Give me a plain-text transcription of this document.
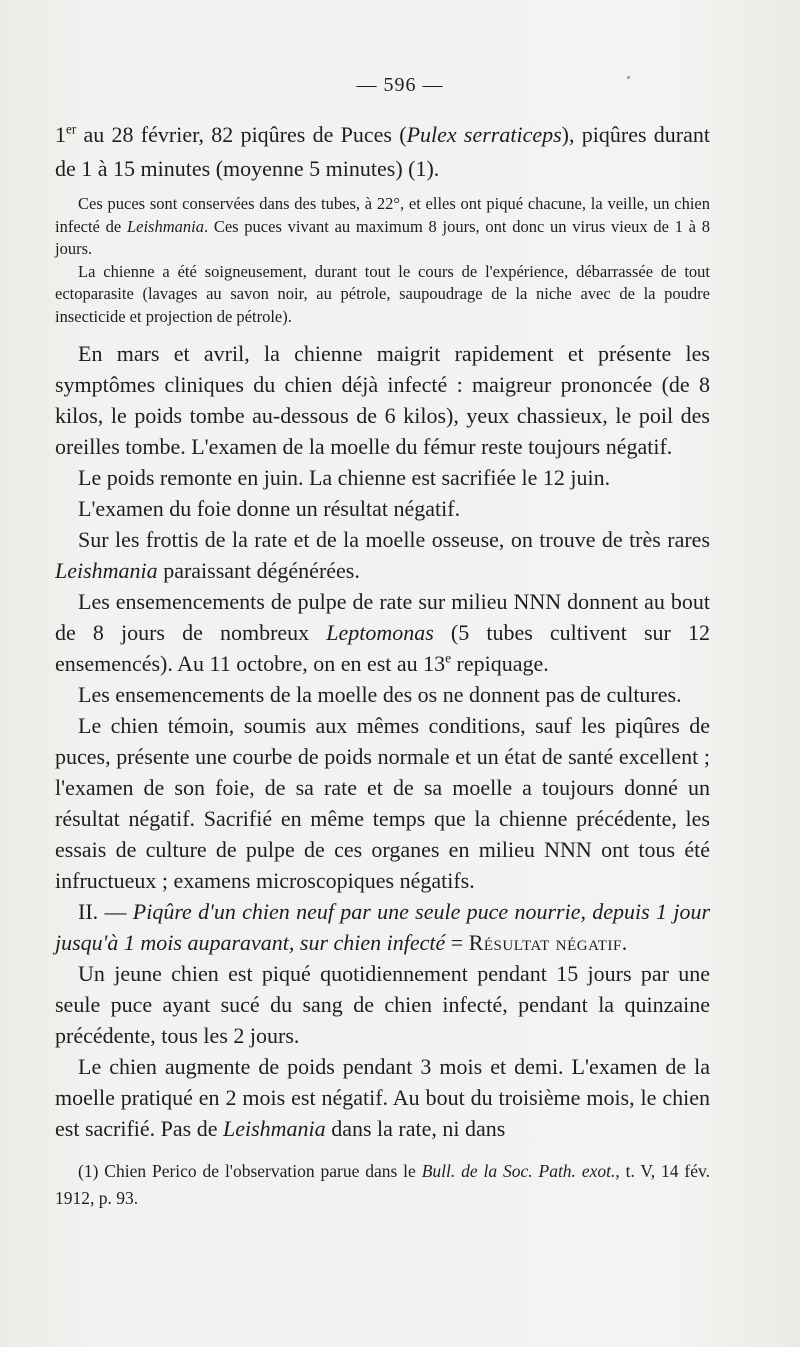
— 596 —

1er au 28 février, 82 piqûres de Puces (Pulex serraticeps), piqûres durant de 1 à 15 minutes (moyenne 5 minutes) (1).

Ces puces sont conservées dans des tubes, à 22°, et elles ont piqué chacune, la veille, un chien infecté de Leishmania. Ces puces vivant au maximum 8 jours, ont donc un virus vieux de 1 à 8 jours.

La chienne a été soigneusement, durant tout le cours de l'expérience, débarrassée de tout ectoparasite (lavages au savon noir, au pétrole, saupoudrage de la niche avec de la poudre insecticide et projection de pétrole).

En mars et avril, la chienne maigrit rapidement et présente les symptômes cliniques du chien déjà infecté : maigreur prononcée (de 8 kilos, le poids tombe au-dessous de 6 kilos), yeux chassieux, le poil des oreilles tombe. L'examen de la moelle du fémur reste toujours négatif.

Le poids remonte en juin. La chienne est sacrifiée le 12 juin.

L'examen du foie donne un résultat négatif.

Sur les frottis de la rate et de la moelle osseuse, on trouve de très rares Leishmania paraissant dégénérées.

Les ensemencements de pulpe de rate sur milieu NNN donnent au bout de 8 jours de nombreux Leptomonas (5 tubes cultivent sur 12 ensemencés). Au 11 octobre, on en est au 13e repiquage.

Les ensemencements de la moelle des os ne donnent pas de cultures.

Le chien témoin, soumis aux mêmes conditions, sauf les piqûres de puces, présente une courbe de poids normale et un état de santé excellent ; l'examen de son foie, de sa rate et de sa moelle a toujours donné un résultat négatif. Sacrifié en même temps que la chienne précédente, les essais de culture de pulpe de ces organes en milieu NNN ont tous été infructueux ; examens microscopiques négatifs.

II. — Piqûre d'un chien neuf par une seule puce nourrie, depuis 1 jour jusqu'à 1 mois auparavant, sur chien infecté = Résultat négatif.

Un jeune chien est piqué quotidiennement pendant 15 jours par une seule puce ayant sucé du sang de chien infecté, pendant la quinzaine précédente, tous les 2 jours.

Le chien augmente de poids pendant 3 mois et demi. L'examen de la moelle pratiqué en 2 mois est négatif. Au bout du troisième mois, le chien est sacrifié. Pas de Leishmania dans la rate, ni dans

(1) Chien Perico de l'observation parue dans le Bull. de la Soc. Path. exot., t. V, 14 fév. 1912, p. 93.
